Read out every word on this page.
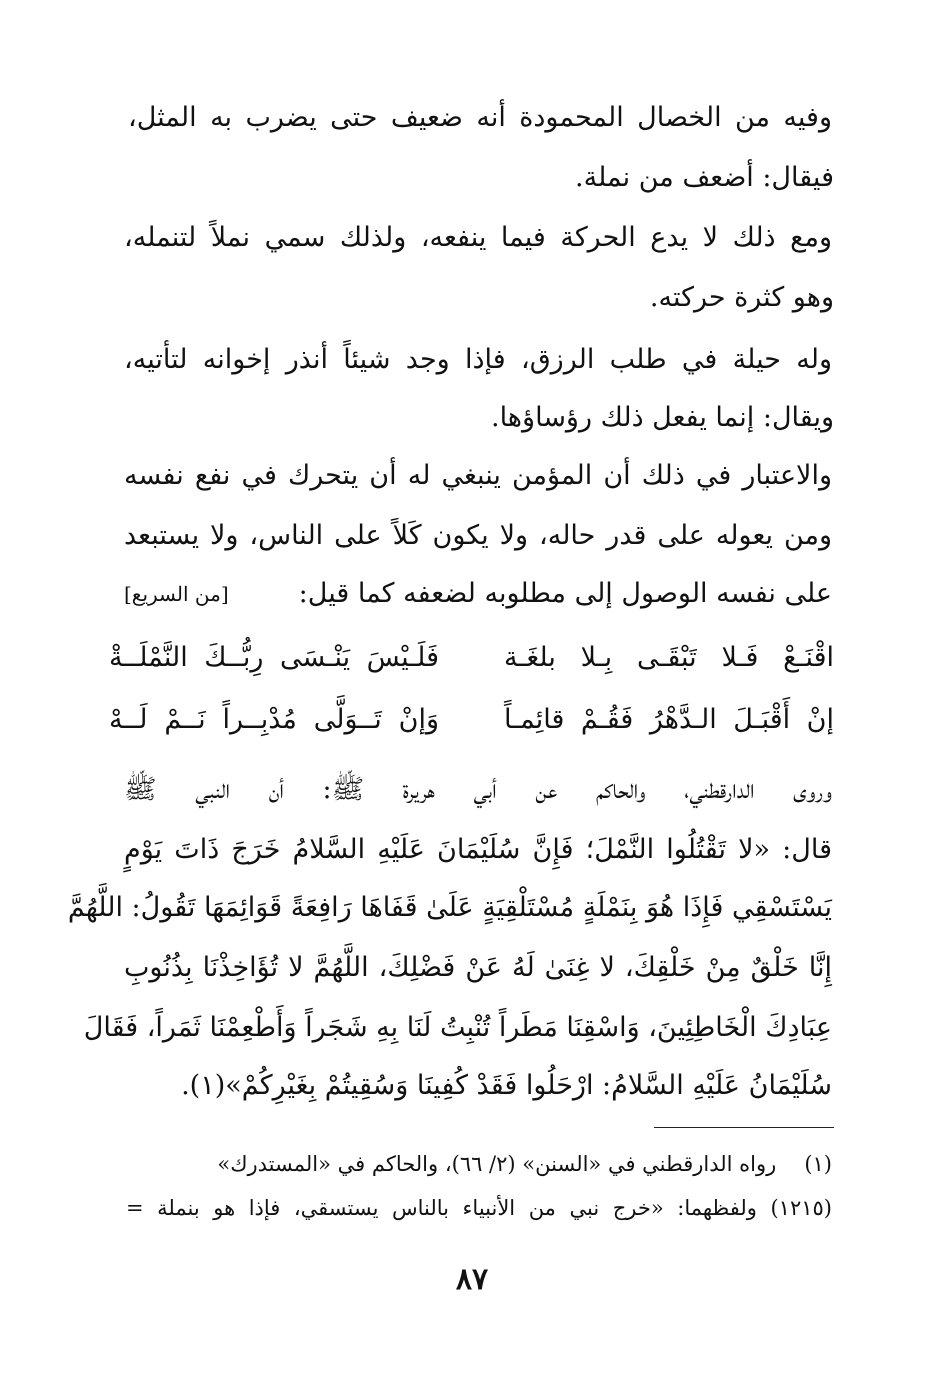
وفيه من الخصال المحمودة أنه ضعيف حتى يضرب به المثل،
فيقال: أضعف من نملة.
ومع ذلك لا يدع الحركة فيما ينفعه، ولذلك سمي نملاً لتنمله،
وهو كثرة حركته.
وله حيلة في طلب الرزق، فإذا وجد شيئاً أنذر إخوانه لتأتيه،
ويقال: إنما يفعل ذلك رؤساؤها.
والاعتبار في ذلك أن المؤمن ينبغي له أن يتحرك في نفع نفسه
ومن يعوله على قدر حاله، ولا يكون كَلاً على الناس، ولا يستبعد
على نفسه الوصول إلى مطلوبه لضعفه كما قيل:
[من السريع]
اقْنَـعْ فَـلا تَبْقَـى بِـلا بلغَـة
فَلَـيْسَ يَنْـسَى رِبُّــكَ النَّمْلَــةْ
إنْ أَقْبَـلَ الـدَّهْرُ فَقُـمْ قائِمـاً
وَإنْ تَــوَلَّى مُدْبِــراً نَــمْ لَــهْ
وروى الدارقطني، والحاكم عن أبي هريرة ﷺ: أن النبي ﷺ
قال: «لا تَقْتُلُوا النَّمْلَ؛ فَإِنَّ سُلَيْمَانَ عَلَيْهِ السَّلامُ خَرَجَ ذَاتَ يَوْمٍ
يَسْتَسْقِي فَإِذَا هُوَ بِنَمْلَةٍ مُسْتَلْقِيَةٍ عَلَىٰ قَفَاهَا رَافِعَةً قَوَائِمَهَا تَقُولُ: اللَّهُمَّ
إِنَّا خَلْقٌ مِنْ خَلْقِكَ، لا غِنَىٰ لَهُ عَنْ فَضْلِكَ، اللَّهُمَّ لا تُؤَاخِذْنَا بِذُنُوبِ
عِبَادِكَ الْخَاطِئِينَ، وَاسْقِنَا مَطَراً تُنْبِتُ لَنَا بِهِ شَجَراً وَأَطْعِمْنَا ثَمَراً، فَقَالَ
سُلَيْمَانُ عَلَيْهِ السَّلامُ: ارْحَلُوا فَقَدْ كُفِينَا وَسُقِيتُمْ بِغَيْرِكُمْ»(١).
(١)رواه الدارقطني في «السنن» (٢/ ٦٦)، والحاكم في «المستدرك»
(١٢١٥) ولفظهما: «خرج نبي من الأنبياء بالناس يستسقي، فإذا هو بنملة =
٨٧
